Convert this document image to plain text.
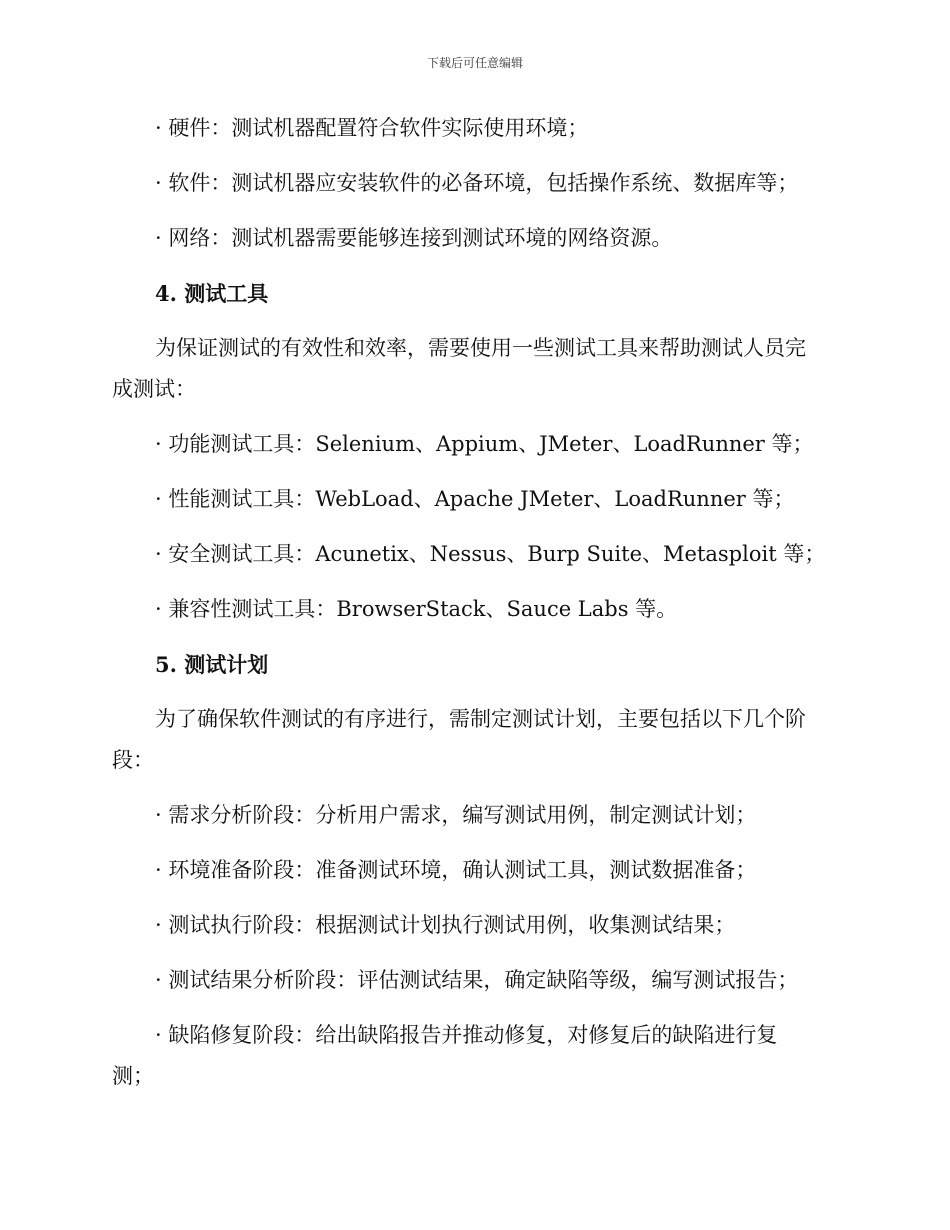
下载后可任意编辑
· 硬件：测试机器配置符合软件实际使用环境；
· 软件：测试机器应安装软件的必备环境，包括操作系统、数据库等；
· 网络：测试机器需要能够连接到测试环境的网络资源。
4. 测试工具
为保证测试的有效性和效率，需要使用一些测试工具来帮助测试人员完
成测试：
· 功能测试工具：Selenium、Appium、JMeter、LoadRunner 等；
· 性能测试工具：WebLoad、Apache JMeter、LoadRunner 等；
· 安全测试工具：Acunetix、Nessus、Burp Suite、Metasploit 等；
· 兼容性测试工具：BrowserStack、Sauce Labs 等。
5. 测试计划
为了确保软件测试的有序进行，需制定测试计划，主要包括以下几个阶
段：
· 需求分析阶段：分析用户需求，编写测试用例，制定测试计划；
· 环境准备阶段：准备测试环境，确认测试工具，测试数据准备；
· 测试执行阶段：根据测试计划执行测试用例，收集测试结果；
· 测试结果分析阶段：评估测试结果，确定缺陷等级，编写测试报告；
· 缺陷修复阶段：给出缺陷报告并推动修复，对修复后的缺陷进行复
测；
